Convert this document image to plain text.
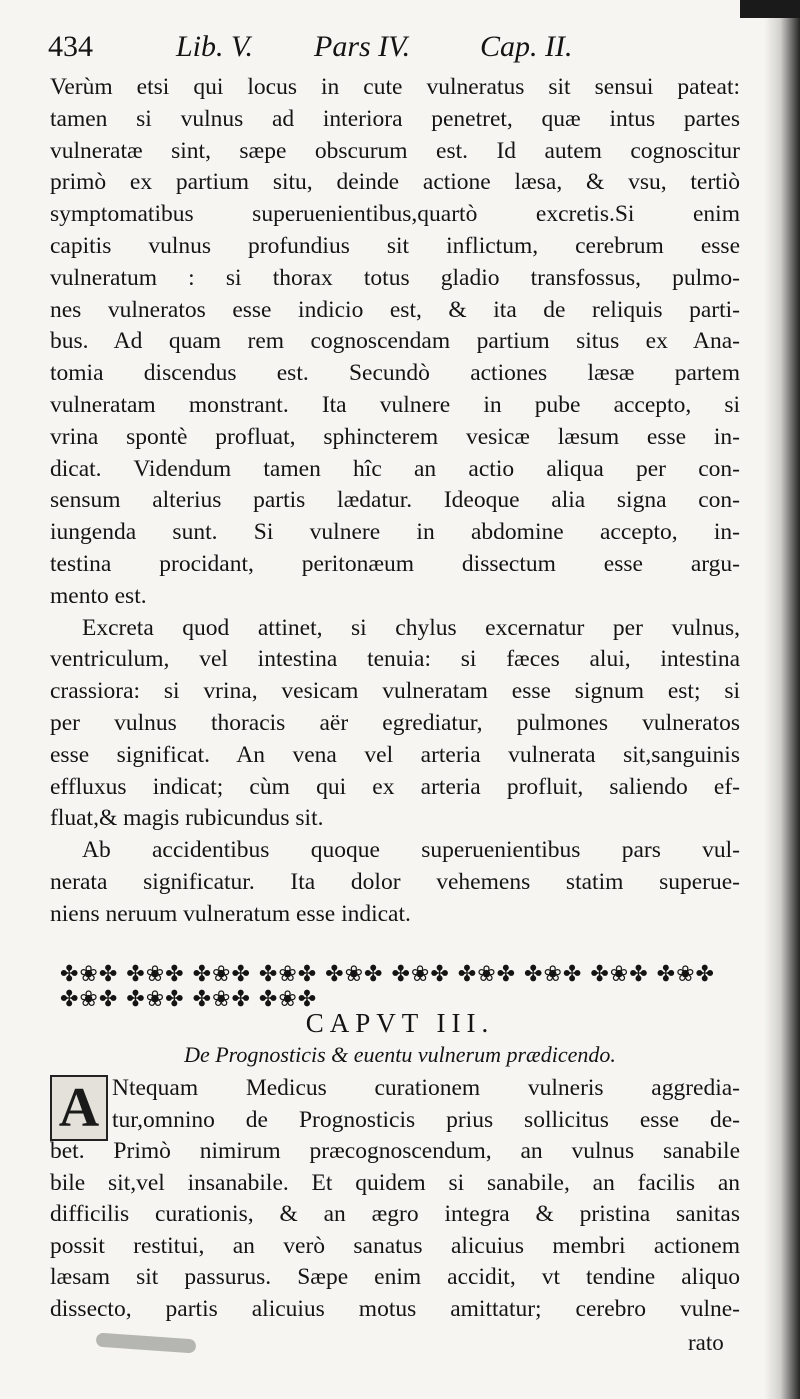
434	Lib. V. Pars IV. Cap. II.
Verùm etsi qui locus in cute vulneratus sit sensui pateat:
tamen si vulnus ad interiora penetret, quæ intus partes
vulneratæ sint, sæpe obscurum est. Id autem cognoscitur
primò ex partium situ, deinde actione læsa, & vsu, tertiò
symptomatibus superuenientibus,quartò excretis.Si enim
capitis vulnus profundius sit inflictum, cerebrum esse
vulneratum : si thorax totus gladio transfossus, pulmo-
nes vulneratos esse indicio est, & ita de reliquis parti-
bus. Ad quam rem cognoscendam partium situs ex Ana-
tomia discendus est. Secundò actiones læsæ partem
vulneratam monstrant. Ita vulnere in pube accepto, si
vrina spontè profluat, sphincterem vesicæ læsum esse in-
dicat. Videndum tamen hîc an actio aliqua per con-
sensum alterius partis lædatur. Ideoque alia signa con-
iungenda sunt. Si vulnere in abdomine accepto, in-
testina procidant, peritonæum dissectum esse argu-
mento est.
Excreta quod attinet, si chylus excernatur per vulnus,
ventriculum, vel intestina tenuia: si fæces alui, intestina
crassiora: si vrina, vesicam vulneratam esse signum est; si
per vulnus thoracis aër egrediatur, pulmones vulneratos
esse significat. An vena vel arteria vulnerata sit,sanguinis
effluxus indicat; cùm qui ex arteria profluit, saliendo ef-
fluat,& magis rubicundus sit.
Ab accidentibus quoque superuenientibus pars vul-
nerata significatur. Ita dolor vehemens statim superue-
niens neruum vulneratum esse indicat.
✤❀✤ ✤❀✤ ✤❀✤ ✤❀✤ ✤❀✤ ✤❀✤ ✤❀✤ ✤❀✤ ✤❀✤ ✤❀✤ ✤❀✤ ✤❀✤ ✤❀✤ ✤❀✤
CAPVT III.
De Prognosticis & euentu vulnerum prædicendo.
A Ntequam Medicus curationem vulneris aggredia-
tur,omnino de Prognosticis prius sollicitus esse de-
bet. Primò nimirum præcognoscendum, an vulnus sanabile
bile sit,vel insanabile. Et quidem si sanabile, an facilis an
difficilis curationis, & an ægro integra & pristina sanitas
possit restitui, an verò sanatus alicuius membri actionem
læsam sit passurus. Sæpe enim accidit, vt tendine aliquo
dissecto, partis alicuius motus amittatur; cerebro vulne-
rato
